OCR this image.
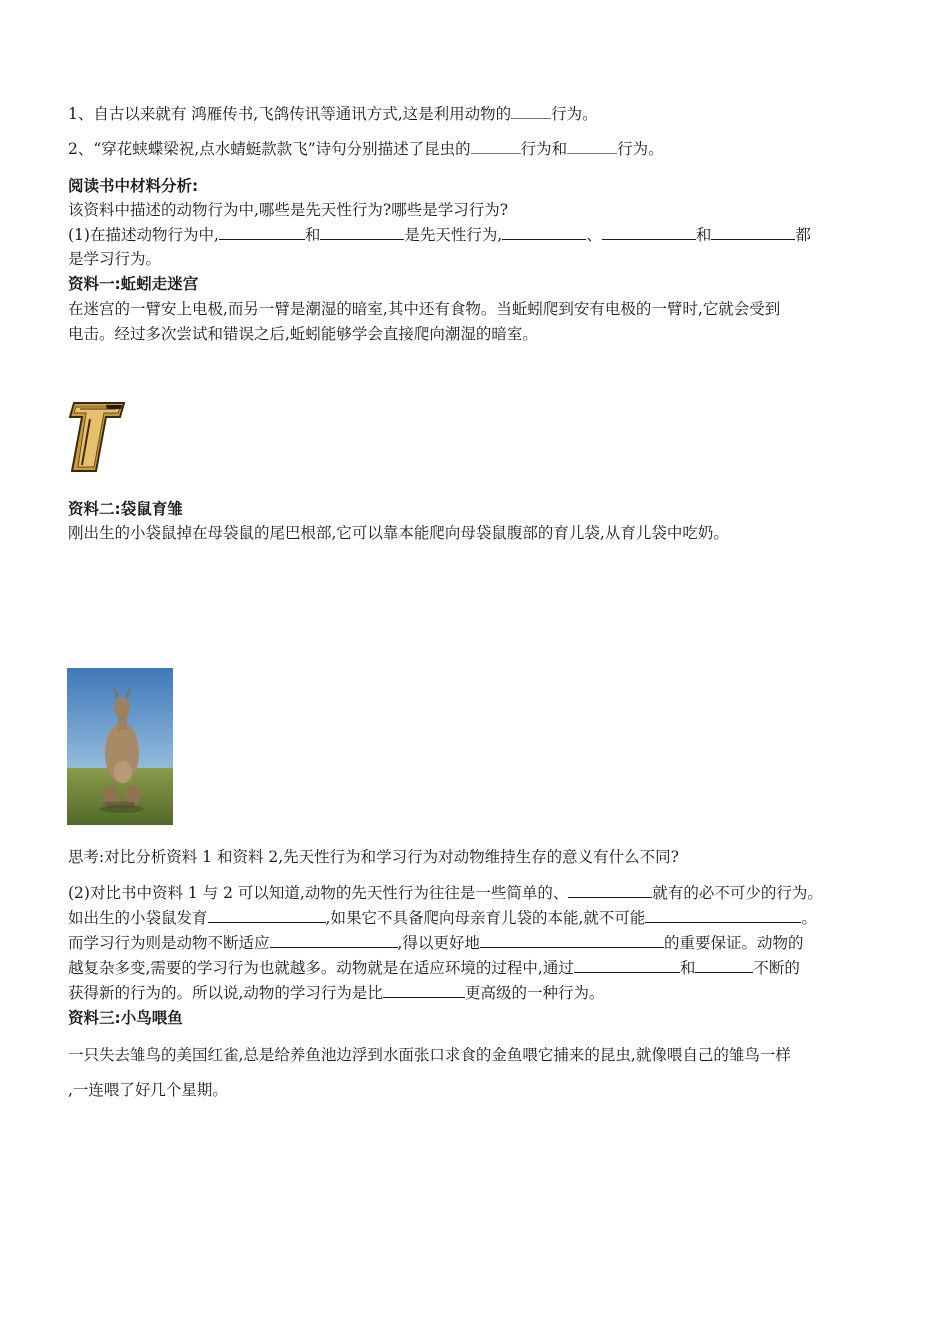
1、自古以来就有 鸿雁传书,飞鸽传讯等通讯方式,这是利用动物的	行为。
2、“穿花蛱蝶梁祝,点水蜻蜓款款飞”诗句分别描述了昆虫的	行为和	行为。
阅读书中材料分析:
该资料中描述的动物行为中,哪些是先天性行为?哪些是学习行为?
(1)在描述动物行为中,	和	是先天性行为,	、	和	都
是学习行为。
资料一:蚯蚓走迷宫
在迷宫的一臂安上电极,而另一臂是潮湿的暗室,其中还有食物。当蚯蚓爬到安有电极的一臂时,它就会受到
电击。经过多次尝试和错误之后,蚯蚓能够学会直接爬向潮湿的暗室。
资料二:袋鼠育雏
刚出生的小袋鼠掉在母袋鼠的尾巴根部,它可以靠本能爬向母袋鼠腹部的育儿袋,从育儿袋中吃奶。
思考:对比分析资料 1 和资料 2,先天性行为和学习行为对动物维持生存的意义有什么不同?
(2)对比书中资料 1 与 2 可以知道,动物的先天性行为往往是一些简单的、	就有的必不可少的行为。
如出生的小袋鼠发育	,如果它不具备爬向母亲育儿袋的本能,就不可能	。
而学习行为则是动物不断适应	,得以更好地	的重要保证。动物的
越复杂多变,需要的学习行为也就越多。动物就是在适应环境的过程中,通过	和	不断的
获得新的行为的。所以说,动物的学习行为是比	更高级的一种行为。
资料三:小鸟喂鱼
一只失去雏鸟的美国红雀,总是给养鱼池边浮到水面张口求食的金鱼喂它捕来的昆虫,就像喂自己的雏鸟一样
,一连喂了好几个星期。
